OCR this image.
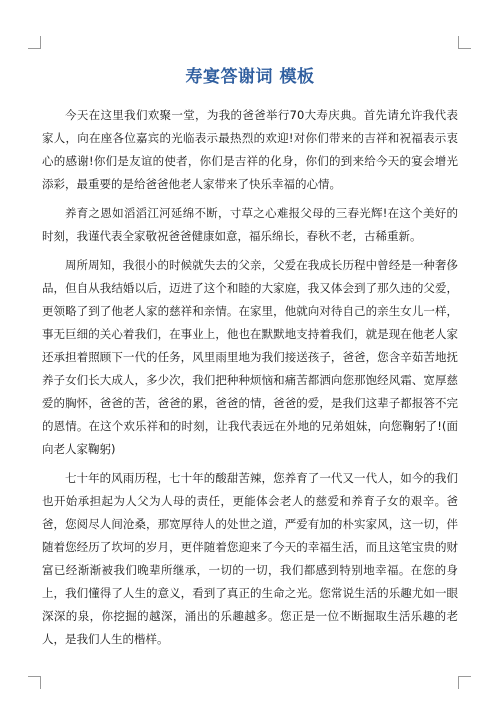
寿宴答谢词 模板

今天在这里我们欢聚一堂，为我的爸爸举行70大寿庆典。首先请允许我代表家人，向在座各位嘉宾的光临表示最热烈的欢迎!对你们带来的吉祥和祝福表示衷心的感谢!你们是友谊的使者，你们是吉祥的化身，你们的到来给今天的宴会增光添彩，最重要的是给爸爸他老人家带来了快乐幸福的心情。

养育之恩如滔滔江河延绵不断，寸草之心难报父母的三春光辉!在这个美好的时刻，我谨代表全家敬祝爸爸健康如意，福乐绵长，春秋不老，古稀重新。

周所周知，我很小的时候就失去的父亲，父爱在我成长历程中曾经是一种奢侈品，但自从我结婚以后，迈进了这个和睦的大家庭，我又体会到了那久违的父爱，更领略了到了他老人家的慈祥和亲情。在家里，他就向对待自己的亲生女儿一样，事无巨细的关心着我们，在事业上，他也在默默地支持着我们，就是现在他老人家还承担着照顾下一代的任务，风里雨里地为我们接送孩子，爸爸，您含辛茹苦地抚养子女们长大成人，多少次，我们把种种烦恼和痛苦都洒向您那饱经风霜、宽厚慈爱的胸怀，爸爸的苦，爸爸的累，爸爸的情，爸爸的爱，是我们这辈子都报答不完的恩情。在这个欢乐祥和的时刻，让我代表远在外地的兄弟姐妹，向您鞠躬了!(面向老人家鞠躬)

七十年的风雨历程，七十年的酸甜苦辣，您养育了一代又一代人，如今的我们也开始承担起为人父为人母的责任，更能体会老人的慈爱和养育子女的艰辛。爸爸，您阅尽人间沧桑，那宽厚待人的处世之道，严爱有加的朴实家风，这一切，伴随着您经历了坎坷的岁月，更伴随着您迎来了今天的幸福生活，而且这笔宝贵的财富已经渐渐被我们晚辈所继承，一切的一切，我们都感到特别地幸福。在您的身上，我们懂得了人生的意义，看到了真正的生命之光。您常说生活的乐趣尤如一眼深深的泉，你挖掘的越深，涌出的乐趣越多。您正是一位不断掘取生活乐趣的老人，是我们人生的楷样。
